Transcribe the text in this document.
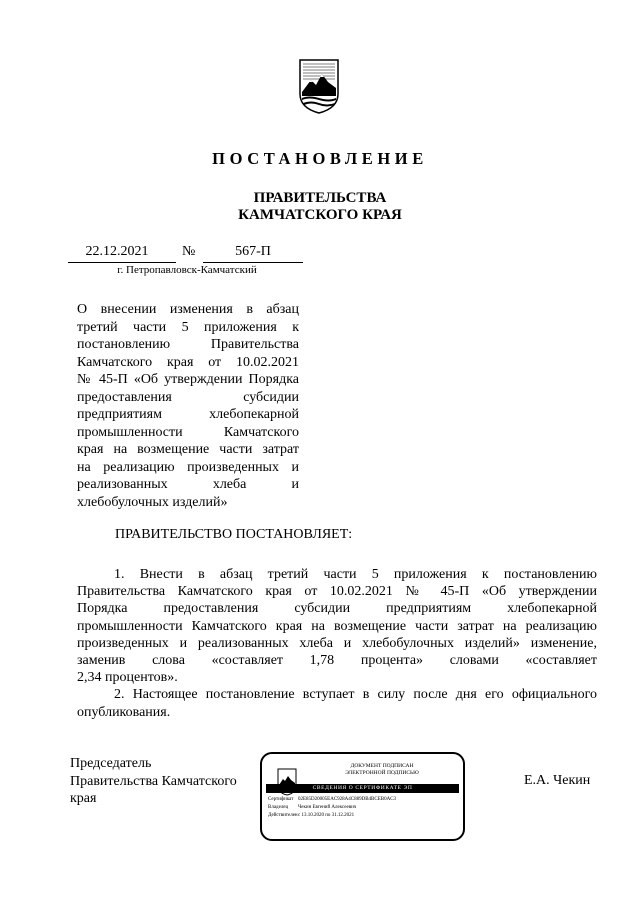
ПОСТАНОВЛЕНИЕ
ПРАВИТЕЛЬСТВА
КАМЧАТСКОГО КРАЯ
22.12.2021	№	567-П
г. Петропавловск-Камчатский
О внесении изменения в абзац
третий части 5 приложения к
постановлению Правительства
Камчатского края от 10.02.2021
№ 45-П «Об утверждении Порядка
предоставления субсидии
предприятиям хлебопекарной
промышленности Камчатского
края на возмещение части затрат
на реализацию произведенных и
реализованных хлеба и
хлебобулочных изделий»
ПРАВИТЕЛЬСТВО ПОСТАНОВЛЯЕТ:
1. Внести в абзац третий части 5 приложения к постановлению
Правительства Камчатского края от 10.02.2021 № 45-П «Об утверждении
Порядка предоставления субсидии предприятиям хлебопекарной
промышленности Камчатского края на возмещение части затрат на реализацию
произведенных и реализованных хлеба и хлебобулочных изделий» изменение,
заменив слова «составляет 1,78 процента» словами «составляет
2,34 процентов».
2. Настоящее постановление вступает в силу после дня его официального
опубликования.
Председатель
Правительства Камчатского
края
ДОКУМЕНТ ПОДПИСАН
ЭЛЕКТРОННОЙ ПОДПИСЬЮ
СВЕДЕНИЯ О СЕРТИФИКАТЕ ЭП
Сертификат 02E85D20005EAC928A4C889DB4BCEB0AC3
Владелец Чекин Евгений Алексеевич
Действителенс 13.10.2020 по 31.12.2021
Е.А. Чекин
